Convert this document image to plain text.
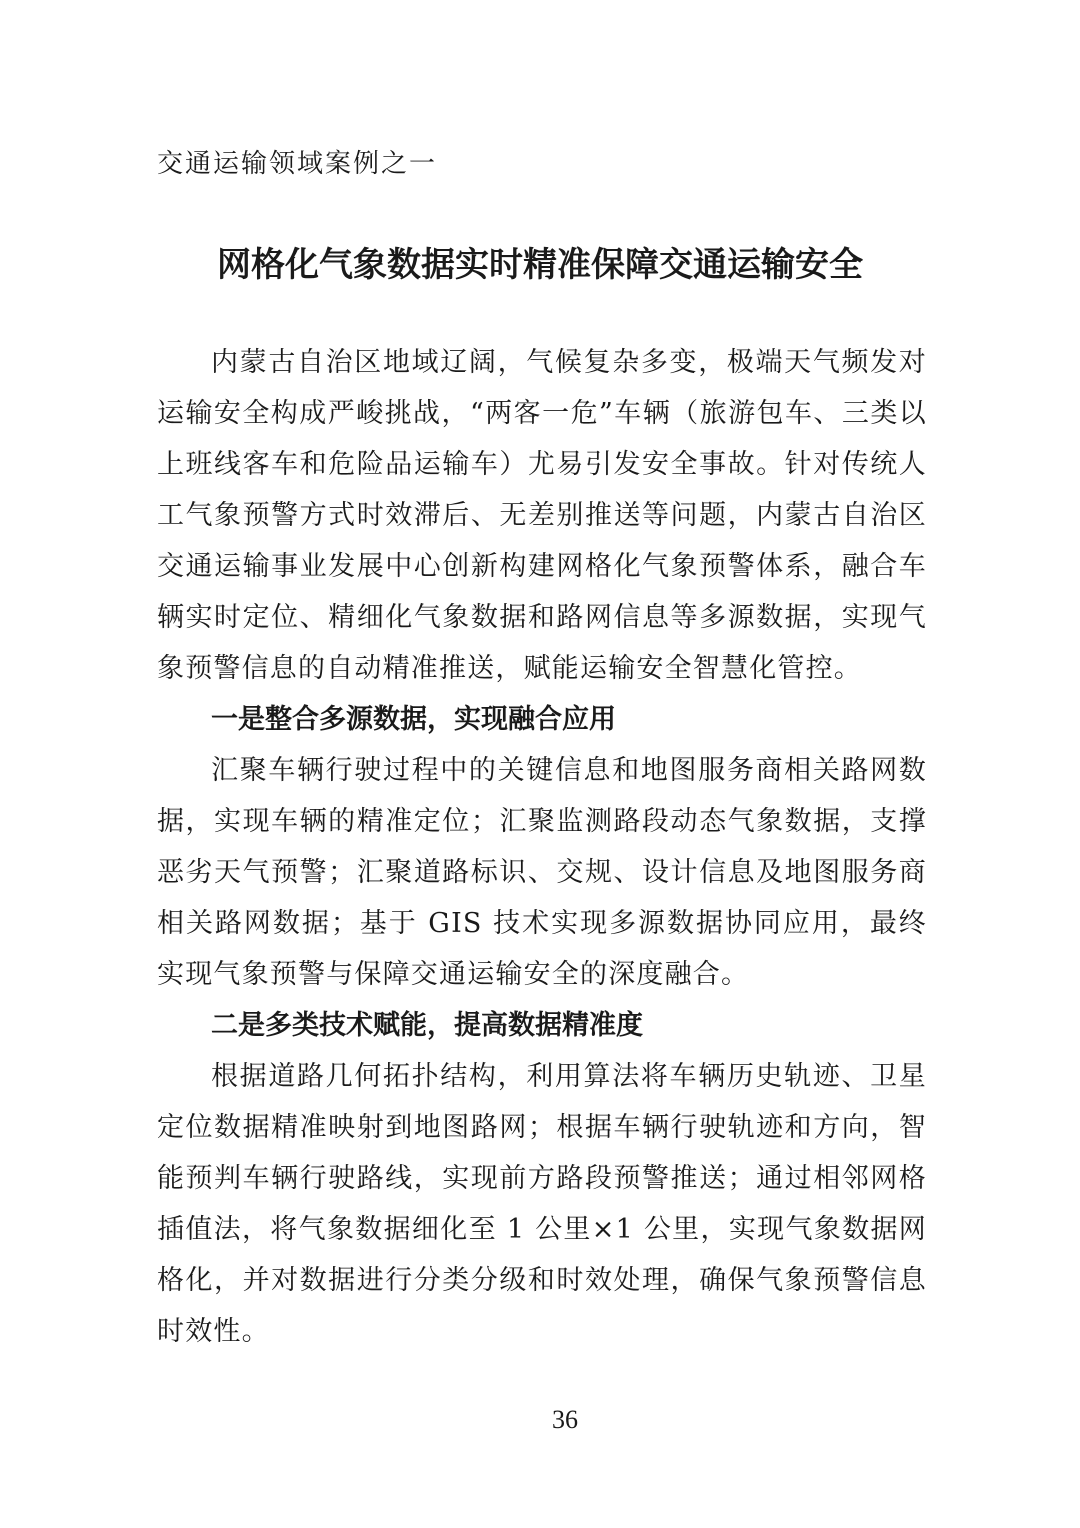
交通运输领域案例之一
网格化气象数据实时精准保障交通运输安全

内蒙古自治区地域辽阔，气候复杂多变，极端天气频发对运输安全构成严峻挑战，“两客一危”车辆（旅游包车、三类以上班线客车和危险品运输车）尤易引发安全事故。针对传统人工气象预警方式时效滞后、无差别推送等问题，内蒙古自治区交通运输事业发展中心创新构建网格化气象预警体系，融合车辆实时定位、精细化气象数据和路网信息等多源数据，实现气象预警信息的自动精准推送，赋能运输安全智慧化管控。

一是整合多源数据，实现融合应用

汇聚车辆行驶过程中的关键信息和地图服务商相关路网数据，实现车辆的精准定位；汇聚监测路段动态气象数据，支撑恶劣天气预警；汇聚道路标识、交规、设计信息及地图服务商相关路网数据；基于 GIS 技术实现多源数据协同应用，最终实现气象预警与保障交通运输安全的深度融合。

二是多类技术赋能，提高数据精准度

根据道路几何拓扑结构，利用算法将车辆历史轨迹、卫星定位数据精准映射到地图路网；根据车辆行驶轨迹和方向，智能预判车辆行驶路线，实现前方路段预警推送；通过相邻网格插值法，将气象数据细化至 1 公里×1 公里，实现气象数据网格化，并对数据进行分类分级和时效处理，确保气象预警信息时效性。

36
